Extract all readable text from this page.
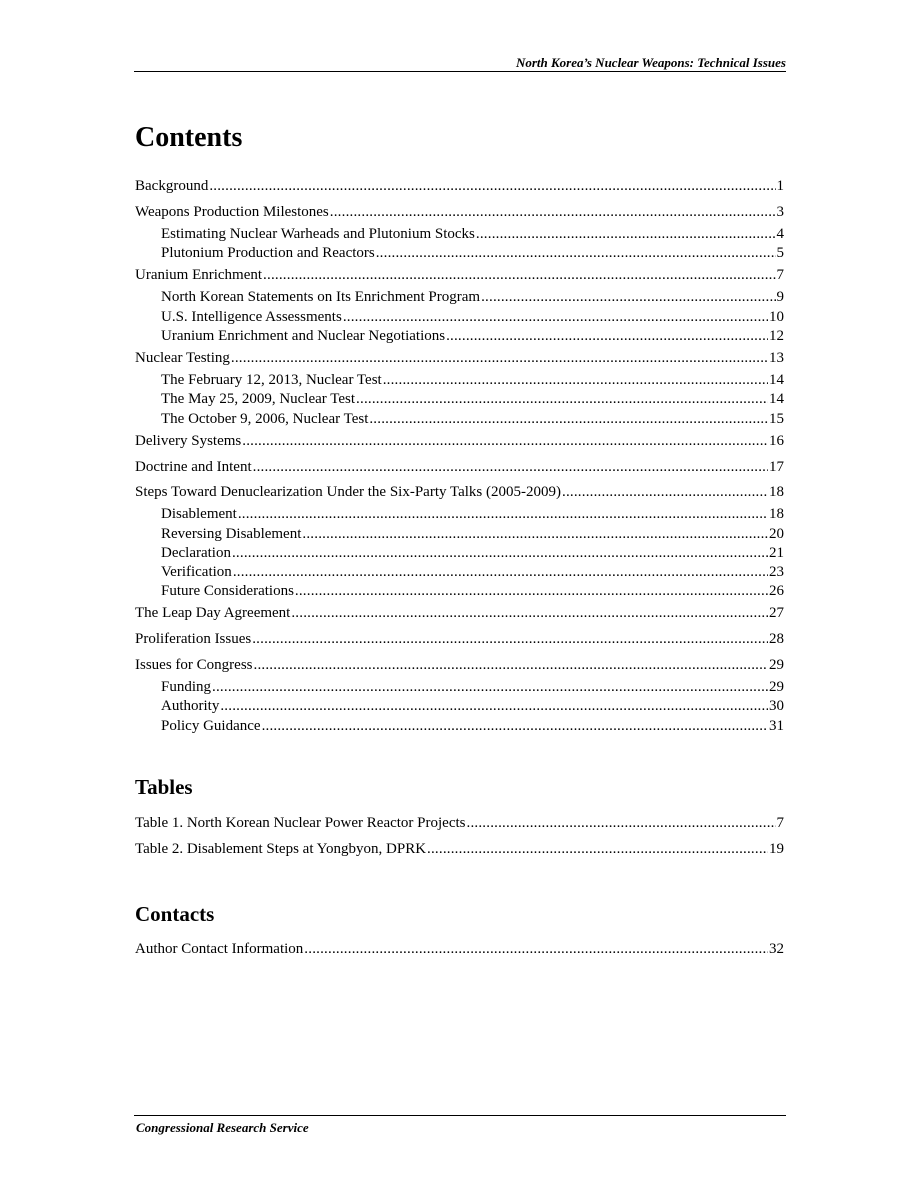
North Korea’s Nuclear Weapons: Technical Issues
Contents
Background .....	1
Weapons Production Milestones .....	3
Estimating Nuclear Warheads and Plutonium Stocks .....	4
Plutonium Production and Reactors .....	5
Uranium Enrichment .....	7
North Korean Statements on Its Enrichment Program .....	9
U.S. Intelligence Assessments .....	10
Uranium Enrichment and Nuclear Negotiations .....	12
Nuclear Testing .....	13
The February 12, 2013, Nuclear Test .....	14
The May 25, 2009, Nuclear Test .....	14
The October 9, 2006, Nuclear Test .....	15
Delivery Systems .....	16
Doctrine and Intent .....	17
Steps Toward Denuclearization Under the Six-Party Talks (2005-2009) .....	18
Disablement .....	18
Reversing Disablement .....	20
Declaration .....	21
Verification .....	23
Future Considerations .....	26
The Leap Day Agreement .....	27
Proliferation Issues .....	28
Issues for Congress .....	29
Funding .....	29
Authority .....	30
Policy Guidance .....	31
Tables
Table 1. North Korean Nuclear Power Reactor Projects .....	7
Table 2. Disablement Steps at Yongbyon, DPRK .....	19
Contacts
Author Contact Information .....	32
Congressional Research Service
